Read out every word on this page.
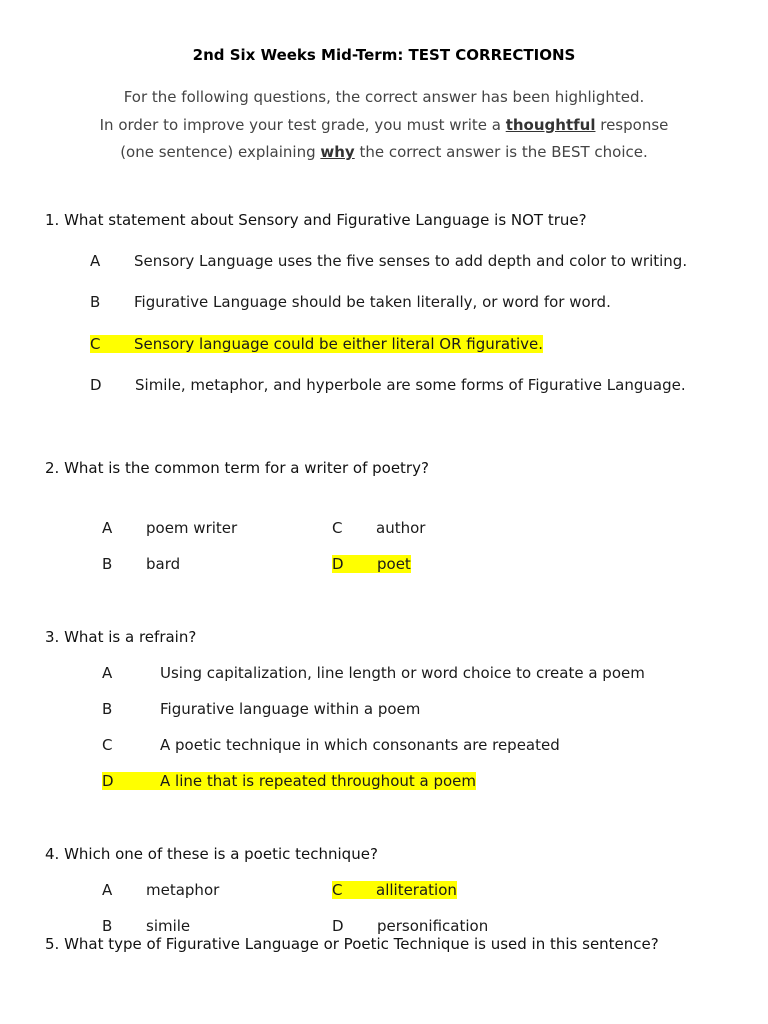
2nd Six Weeks Mid-Term: TEST CORRECTIONS
For the following questions, the correct answer has been highlighted.
In order to improve your test grade, you must write a thoughtful response
(one sentence) explaining why the correct answer is the BEST choice.
1. What statement about Sensory and Figurative Language is NOT true?
A Sensory Language uses the five senses to add depth and color to writing.
B Figurative Language should be taken literally, or word for word.
C Sensory language could be either literal OR figurative.
D Simile, metaphor, and hyperbole are some forms of Figurative Language.
2. What is the common term for a writer of poetry?
A poem writer	C author
B bard	D poet
3. What is a refrain?
A	Using capitalization, line length or word choice to create a poem
B	Figurative language within a poem
C	A poetic technique in which consonants are repeated
D	A line that is repeated throughout a poem
4. Which one of these is a poetic technique?
A metaphor	C alliteration
B simile	D personification
5. What type of Figurative Language or Poetic Technique is used in this sentence?
